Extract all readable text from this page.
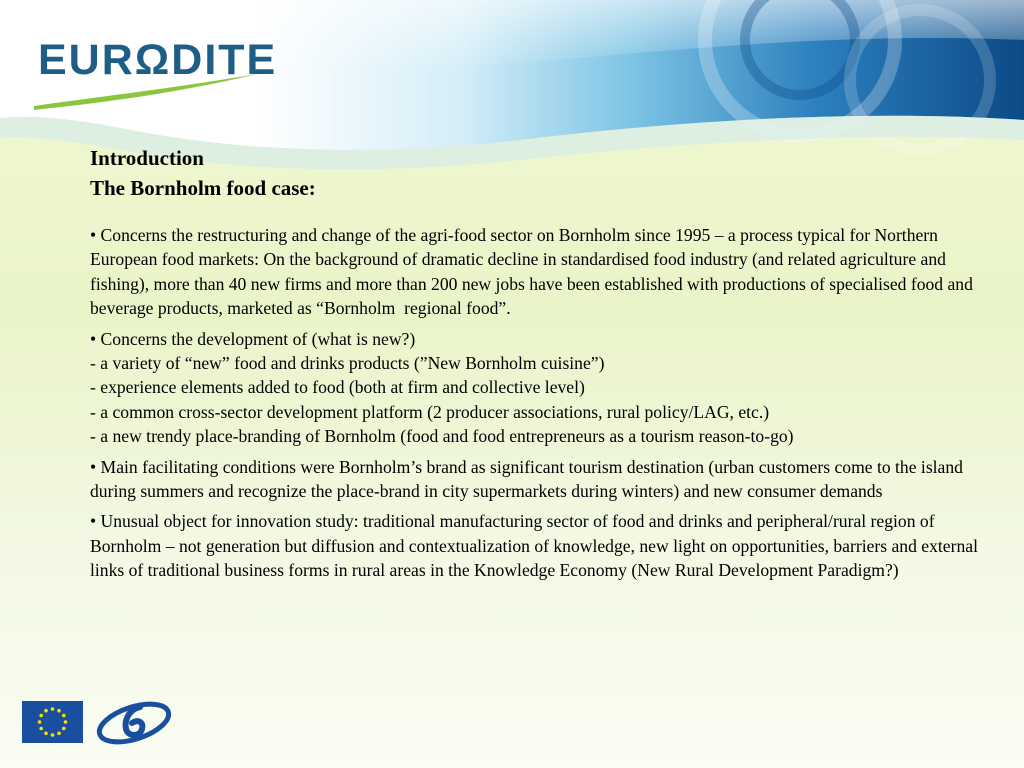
EURΩDITE
Introduction
The Bornholm food case:
• Concerns the restructuring and change of the agri-food sector on Bornholm since 1995 – a process typical for Northern European food markets: On the background of dramatic decline in standardised food industry (and related agriculture and fishing), more than 40 new firms and more than 200 new jobs have been established with productions of specialised food and beverage products, marketed as “Bornholm  regional food”.
• Concerns the development of (what is new?)
- a variety of “new” food and drinks products (”New Bornholm cuisine”)
- experience elements added to food (both at firm and collective level)
- a common cross-sector development platform (2 producer associations, rural policy/LAG, etc.)
- a new trendy place-branding of Bornholm (food and food entrepreneurs as a tourism reason-to-go)
• Main facilitating conditions were Bornholm’s brand as significant tourism destination (urban customers come to the island during summers and recognize the place-brand in city supermarkets during winters) and new consumer demands
• Unusual object for innovation study: traditional manufacturing sector of food and drinks and peripheral/rural region of Bornholm – not generation but diffusion and contextualization of knowledge, new light on opportunities, barriers and external links of traditional business forms in rural areas in the Knowledge Economy (New Rural Development Paradigm?)
